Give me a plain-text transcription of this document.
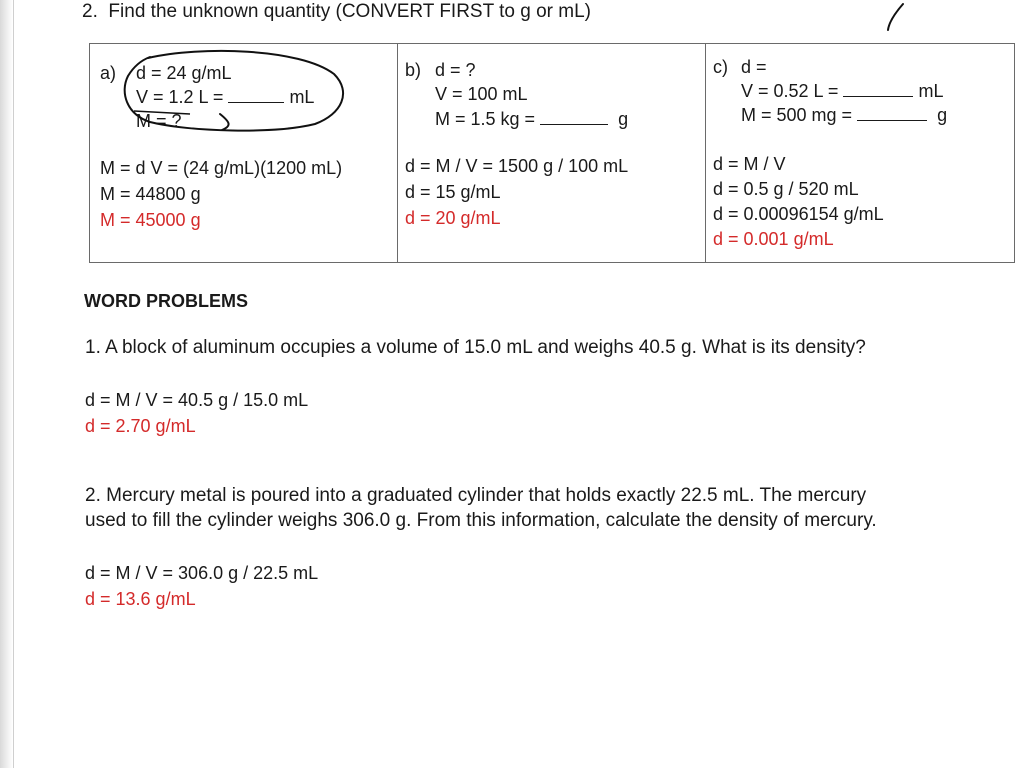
2. Find the unknown quantity (CONVERT FIRST to g or mL)
a) d = 24 g/mL
V = 1.2 L =	mL
M = ?
M = d V = (24 g/mL)(1200 mL)
M = 44800 g
M = 45000 g

b) d = ?
V = 100 mL
M = 1.5 kg =	g
d = M / V = 1500 g / 100 mL
d = 15 g/mL
d = 20 g/mL

c) d =
V = 0.52 L =	mL
M = 500 mg =	g
d = M / V
d = 0.5 g / 520 mL
d = 0.00096154 g/mL
d = 0.001 g/mL
WORD PROBLEMS
1. A block of aluminum occupies a volume of 15.0 mL and weighs 40.5 g. What is its density?
d = M / V = 40.5 g / 15.0 mL
d = 2.70 g/mL
2. Mercury metal is poured into a graduated cylinder that holds exactly 22.5 mL. The mercury
used to fill the cylinder weighs 306.0 g. From this information, calculate the density of mercury.
d = M / V = 306.0 g / 22.5 mL
d = 13.6 g/mL
